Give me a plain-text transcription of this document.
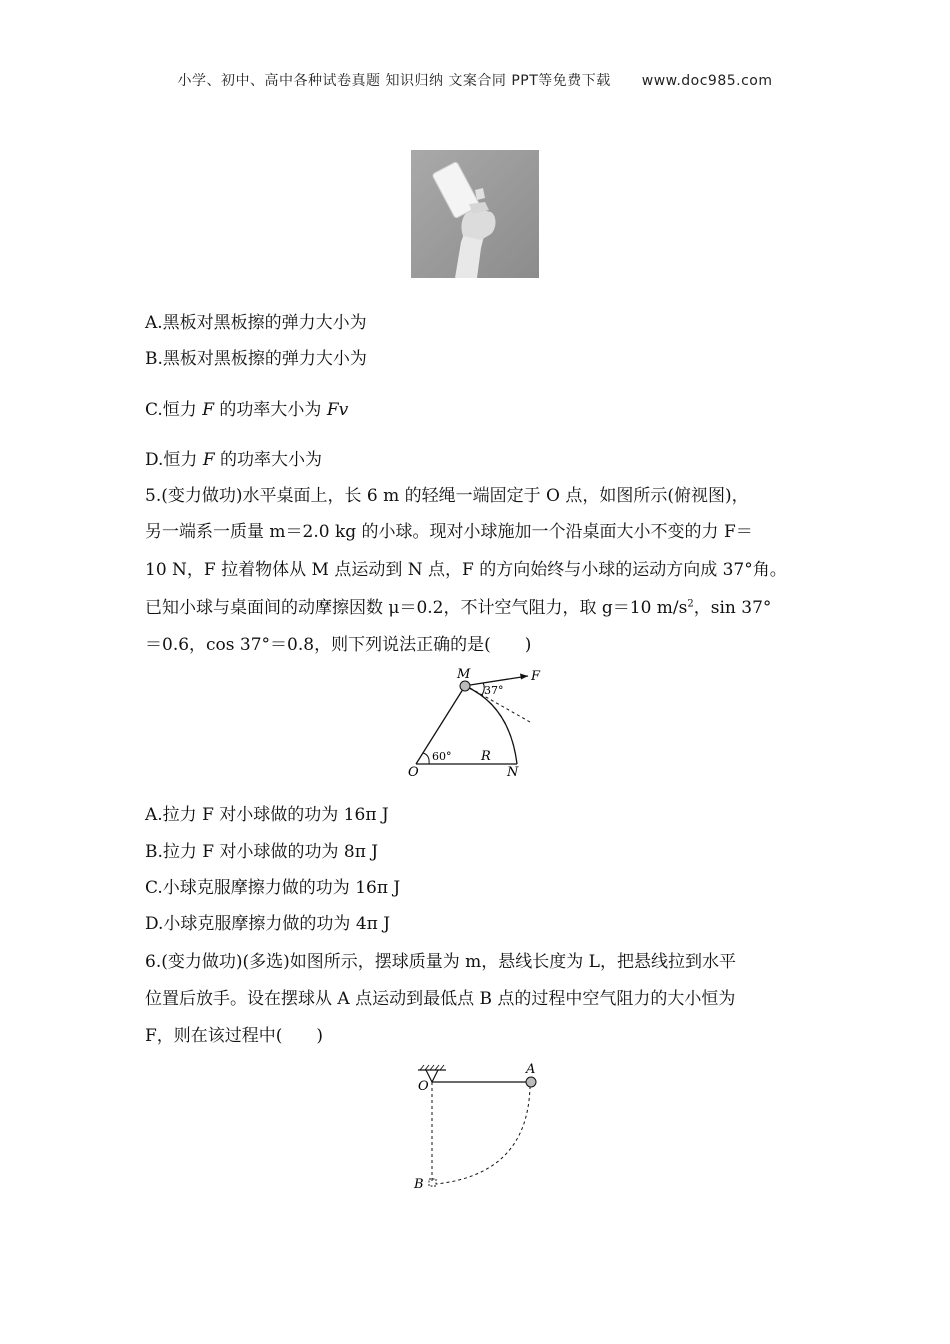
小学、初中、高中各种试卷真题 知识归纳 文案合同 PPT等免费下载 www.doc985.com
A.黑板对黑板擦的弹力大小为
B.黑板对黑板擦的弹力大小为
C.恒力 F 的功率大小为 Fv
D.恒力 F 的功率大小为
5.(变力做功)水平桌面上，长 6 m 的轻绳一端固定于 O 点，如图所示(俯视图)，
另一端系一质量 m＝2.0 kg 的小球。现对小球施加一个沿桌面大小不变的力 F＝
10 N，F 拉着物体从 M 点运动到 N 点，F 的方向始终与小球的运动方向成 37°角。
已知小球与桌面间的动摩擦因数 μ＝0.2，不计空气阻力，取 g＝10 $m/s^2$，sin 37°
＝0.6，cos 37°＝0.8，则下列说法正确的是(　　)
M	F
37°
60°
O
R
N
A.拉力 F 对小球做的功为 16π J
B.拉力 F 对小球做的功为 8π J
C.小球克服摩擦力做的功为 16π J
D.小球克服摩擦力做的功为 4π J
6.(变力做功)(多选)如图所示，摆球质量为 m，悬线长度为 L，把悬线拉到水平
位置后放手。设在摆球从 A 点运动到最低点 B 点的过程中空气阻力的大小恒为
F，则在该过程中(　　)
O
A
B
